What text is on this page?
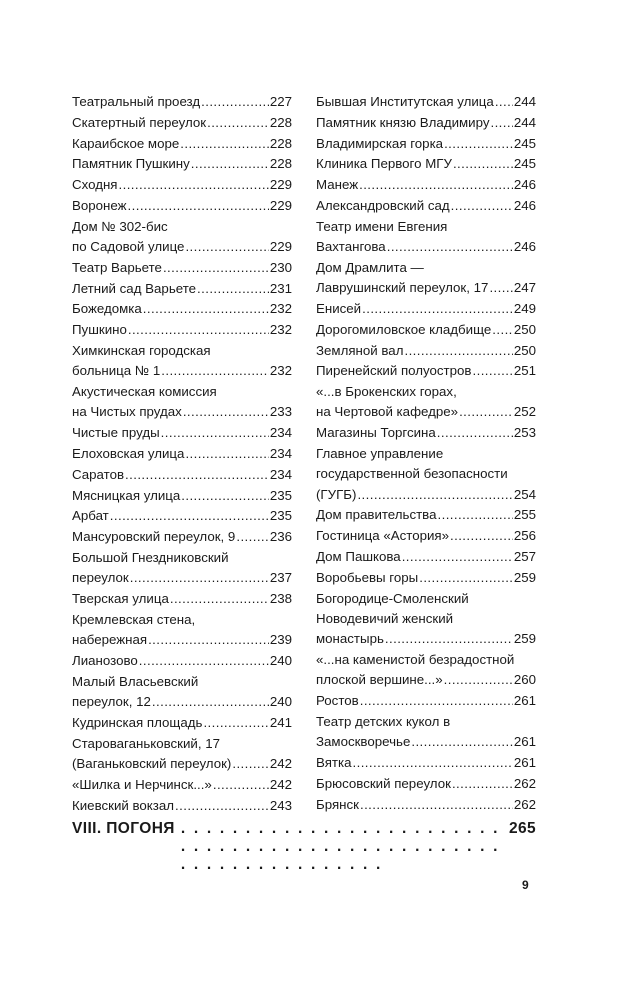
Театральный проезд .....	227
Скатертный переулок .....	228
Караибское море .....	228
Памятник Пушкину .....	228
Сходня .....	229
Воронеж .....	229
Дом № 302-бис
по Садовой улице .....	229
Театр Варьете .....	230
Летний сад Варьете .....	231
Божедомка .....	232
Пушкино .....	232
Химкинская городская
больница № 1 .....	232
Акустическая комиссия
на Чистых прудах .....	233
Чистые пруды .....	234
Елоховская улица .....	234
Саратов .....	234
Мясницкая улица .....	235
Арбат .....	235
Мансуровский переулок, 9 .....	236
Большой Гнездниковский
переулок .....	237
Тверская улица .....	238
Кремлевская стена,
набережная .....	239
Лианозово .....	240
Малый Власьевский
переулок, 12 .....	240
Кудринская площадь .....	241
Староваганьковский, 17
(Ваганьковский переулок) .....	242
«Шилка и Нерчинск...» .....	242
Киевский вокзал .....	243
Бывшая Институтская улица ..... 244
Памятник князю Владимиру ..... 244
Владимирская горка .....	245
Клиника Первого МГУ .....	245
Манеж .....	246
Александровский сад .....	246
Театр имени Евгения
Вахтангова .....	246
Дом Драмлита —
Лаврушинский переулок, 17 ..... 247
Енисей .....	249
Дорогомиловское кладбище ..... 250
Земляной вал .....	250
Пиренейский полуостров .....	251
«...в Брокенских горах,
на Чертовой кафедре» .....	252
Магазины Торгсина .....	253
Главное управление
государственной безопасности
(ГУГБ) .....	254
Дом правительства .....	255
Гостиница «Астория» .....	256
Дом Пашкова .....	257
Воробьевы горы .....	259
Богородице-Смоленский
Новодевичий женский
монастырь .....	259
«...на каменистой безрадостной
плоской вершине...» .....	260
Ростов .....	261
Театр детских кукол в
Замоскворечье .....	261
Вятка .....	261
Брюсовский переулок .....	262
Брянск .....	262
VIII. ПОГОНЯ . . .	265
9
